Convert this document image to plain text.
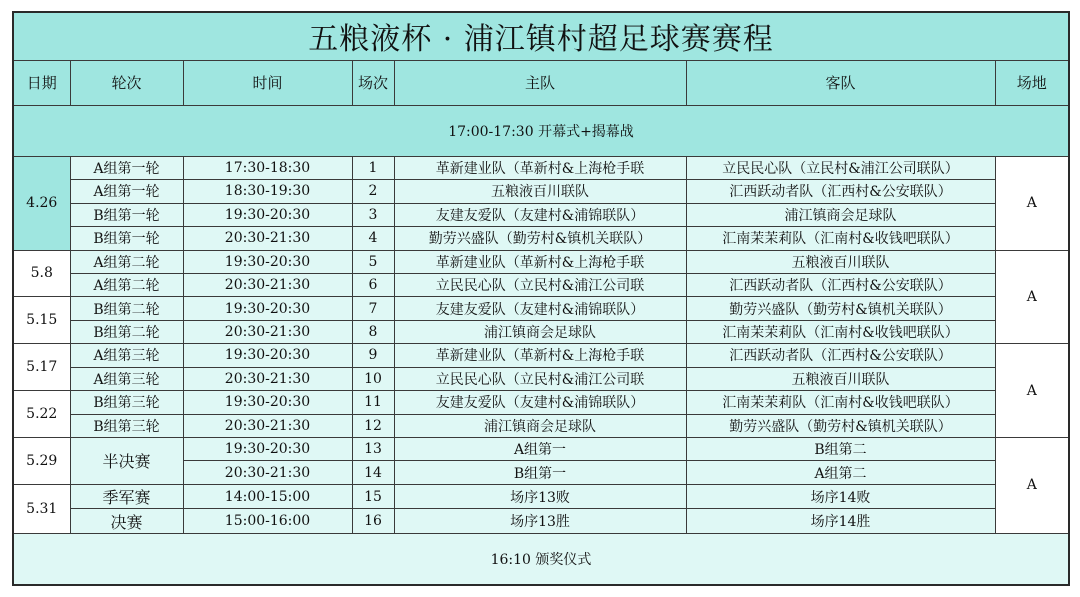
五粮液杯 · 浦江镇村超足球赛赛程						
日期	轮次	时间	场次	主队	客队	场地
17:00-17:30 开幕式+揭幕战						
4.26	A组第一轮	17:30-18:30	1	革新建业队（革新村&上海枪手联	立民民心队（立民村&浦江公司联队）	A
	A组第一轮	18:30-19:30	2	五粮液百川联队	汇西跃动者队（汇西村&公安联队）	
	B组第一轮	19:30-20:30	3	友建友爱队（友建村&浦锦联队）	浦江镇商会足球队	
	B组第一轮	20:30-21:30	4	勤劳兴盛队（勤劳村&镇机关联队）	汇南茉茉莉队（汇南村&收钱吧联队）	
5.8	A组第二轮	19:30-20:30	5	革新建业队（革新村&上海枪手联	五粮液百川联队	A
	A组第二轮	20:30-21:30	6	立民民心队（立民村&浦江公司联	汇西跃动者队（汇西村&公安联队）	
5.15	B组第二轮	19:30-20:30	7	友建友爱队（友建村&浦锦联队）	勤劳兴盛队（勤劳村&镇机关联队）	
	B组第二轮	20:30-21:30	8	浦江镇商会足球队	汇南茉茉莉队（汇南村&收钱吧联队）	
5.17	A组第三轮	19:30-20:30	9	革新建业队（革新村&上海枪手联	汇西跃动者队（汇西村&公安联队）	A
	A组第三轮	20:30-21:30	10	立民民心队（立民村&浦江公司联	五粮液百川联队	
5.22	B组第三轮	19:30-20:30	11	友建友爱队（友建村&浦锦联队）	汇南茉茉莉队（汇南村&收钱吧联队）	
	B组第三轮	20:30-21:30	12	浦江镇商会足球队	勤劳兴盛队（勤劳村&镇机关联队）	
5.29	半决赛	19:30-20:30	13	A组第一	B组第二	A
		20:30-21:30	14	B组第一	A组第二	
5.31	季军赛	14:00-15:00	15	场序13败	场序14败	
	决赛	15:00-16:00	16	场序13胜	场序14胜	
16:10 颁奖仪式						
